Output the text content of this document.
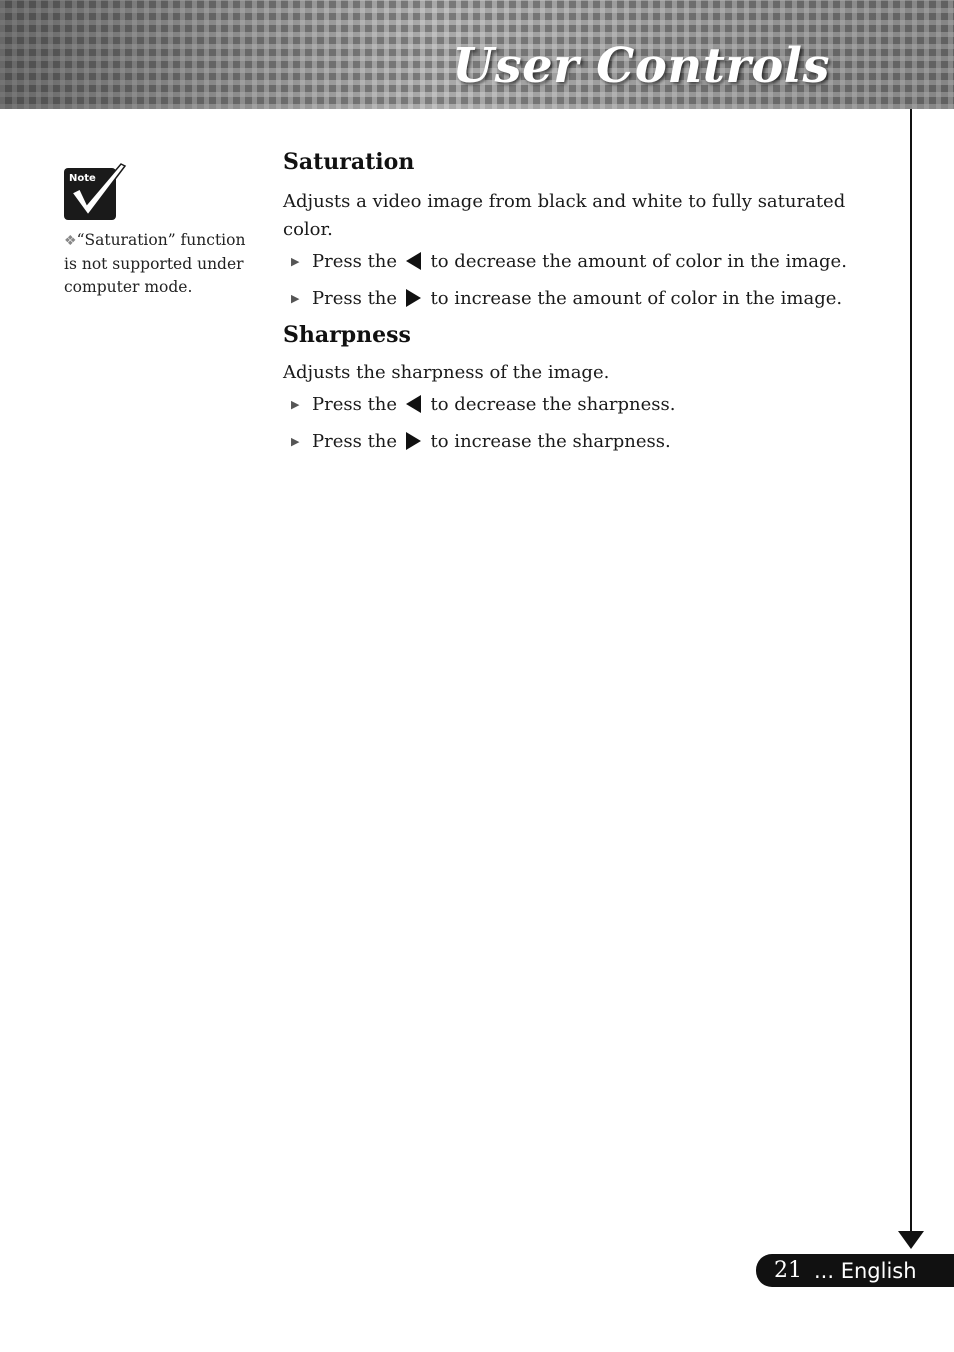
User Controls
Note
❖“Saturation” function is not supported under computer mode.
Saturation

Adjusts a video image from black and white to fully saturated color.

▶ Press the to decrease the amount of color in the image.
▶ Press the to increase the amount of color in the image.
Sharpness

Adjusts the sharpness of the image.

▶ Press the to decrease the sharpness.
▶ Press the to increase the sharpness.
21 ... English
